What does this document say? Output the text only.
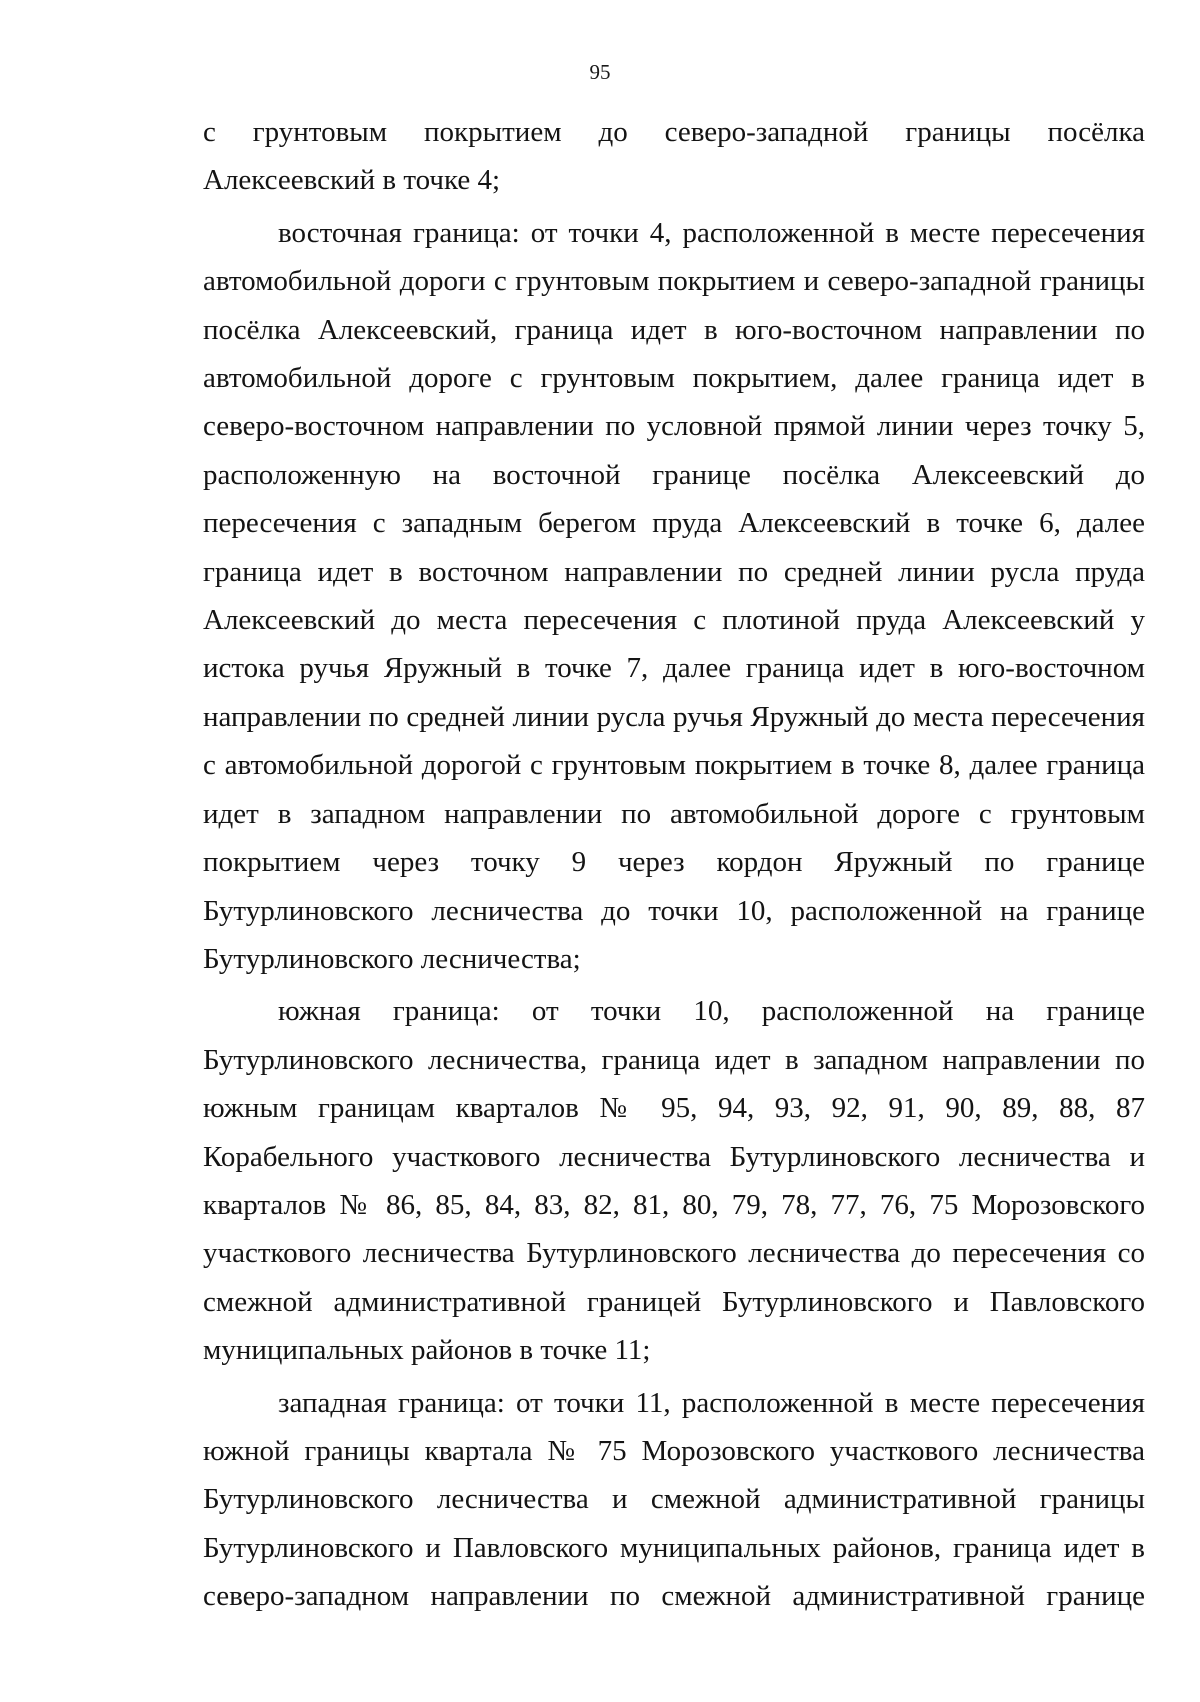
95

с грунтовым покрытием до северо-западной границы посёлка Алексеевский в точке 4;

восточная граница: от точки 4, расположенной в месте пересечения автомобильной дороги с грунтовым покрытием и северо-западной границы посёлка Алексеевский, граница идет в юго-восточном направлении по автомобильной дороге с грунтовым покрытием, далее граница идет в северо-восточном направлении по условной прямой линии через точку 5, расположенную на восточной границе посёлка Алексеевский до пересечения с западным берегом пруда Алексеевский в точке 6, далее граница идет в восточном направлении по средней линии русла пруда Алексеевский до места пересечения с плотиной пруда Алексеевский у истока ручья Яружный в точке 7, далее граница идет в юго-восточном направлении по средней линии русла ручья Яружный до места пересечения с автомобильной дорогой с грунтовым покрытием в точке 8, далее граница идет в западном направлении по автомобильной дороге с грунтовым покрытием через точку 9 через кордон Яружный по границе Бутурлиновского лесничества до точки 10, расположенной на границе Бутурлиновского лесничества;

южная граница: от точки 10, расположенной на границе Бутурлиновского лесничества, граница идет в западном направлении по южным границам кварталов № 95, 94, 93, 92, 91, 90, 89, 88, 87 Корабельного участкового лесничества Бутурлиновского лесничества и кварталов № 86, 85, 84, 83, 82, 81, 80, 79, 78, 77, 76, 75 Морозовского участкового лесничества Бутурлиновского лесничества до пересечения со смежной административной границей Бутурлиновского и Павловского муниципальных районов в точке 11;

западная граница: от точки 11, расположенной в месте пересечения южной границы квартала № 75 Морозовского участкового лесничества Бутурлиновского лесничества и смежной административной границы Бутурлиновского и Павловского муниципальных районов, граница идет в северо-западном направлении по смежной административной границе
